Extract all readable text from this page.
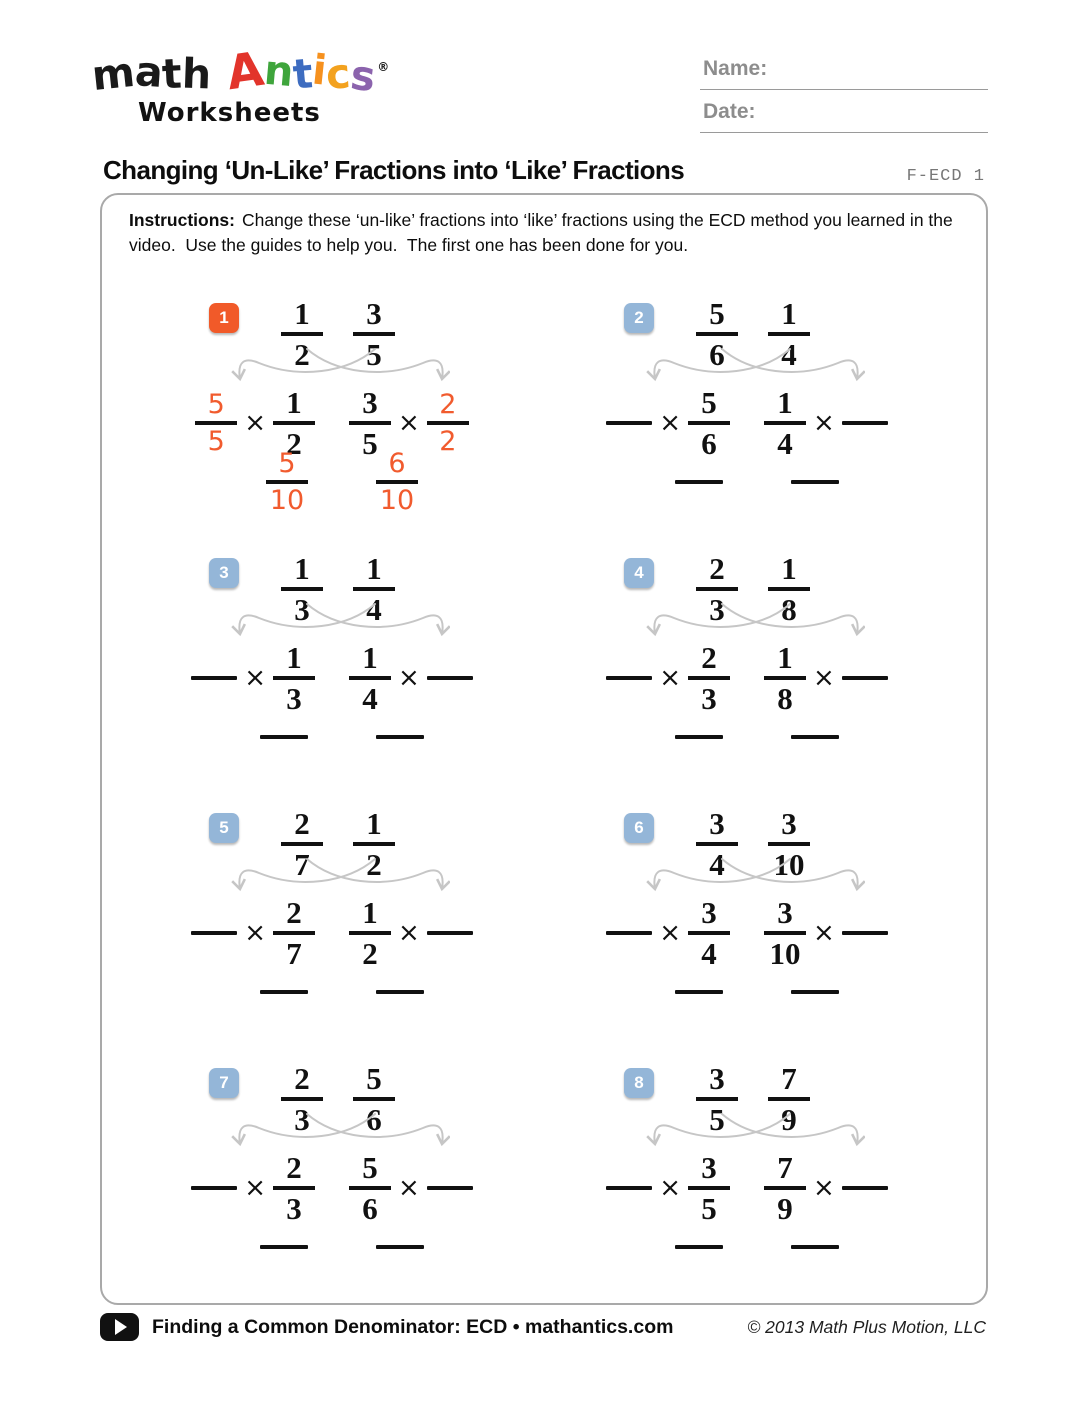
m
a
t
h A
n
t
i
c
s ®
Worksheets
Name:
Date:
Changing ‘Un-Like’ Fractions into ‘Like’ Fractions	F-ECD 1
Instructions: Change these ‘un-like’ fractions into ‘like’ fractions using the ECD method you learned in the video.  Use the guides to help you.  The first one has been done for you.
$1 \frac{1}{2} \frac{3}{5}$
$\frac{5}{5} \times \frac{1}{2} \frac{3}{5} \times \frac{2}{2}$
$\frac{5}{10}$	$\frac{6}{10}$
$2 \frac{5}{6} \frac{1}{4}$
× $\frac{5}{6} \frac{1}{4}$ ×
$3 \frac{1}{3} \frac{1}{4}$
× $\frac{1}{3} \frac{1}{4}$ ×
$4 \frac{2}{3} \frac{1}{8}$
× $\frac{2}{3} \frac{1}{8}$ ×
$5 \frac{2}{7} \frac{1}{2}$
× $\frac{2}{7} \frac{1}{2}$ ×
$6 \frac{3}{4} \frac{3}{10}$
× $\frac{3}{4} \frac{3}{10}$ ×
$7 \frac{2}{3} \frac{5}{6}$
× $\frac{2}{3} \frac{5}{6}$ ×
$8 \frac{3}{5} \frac{7}{9}$
× $\frac{3}{5} \frac{7}{9}$ ×
Finding a Common Denominator: ECD • mathantics.com	© 2013 Math Plus Motion, LLC
